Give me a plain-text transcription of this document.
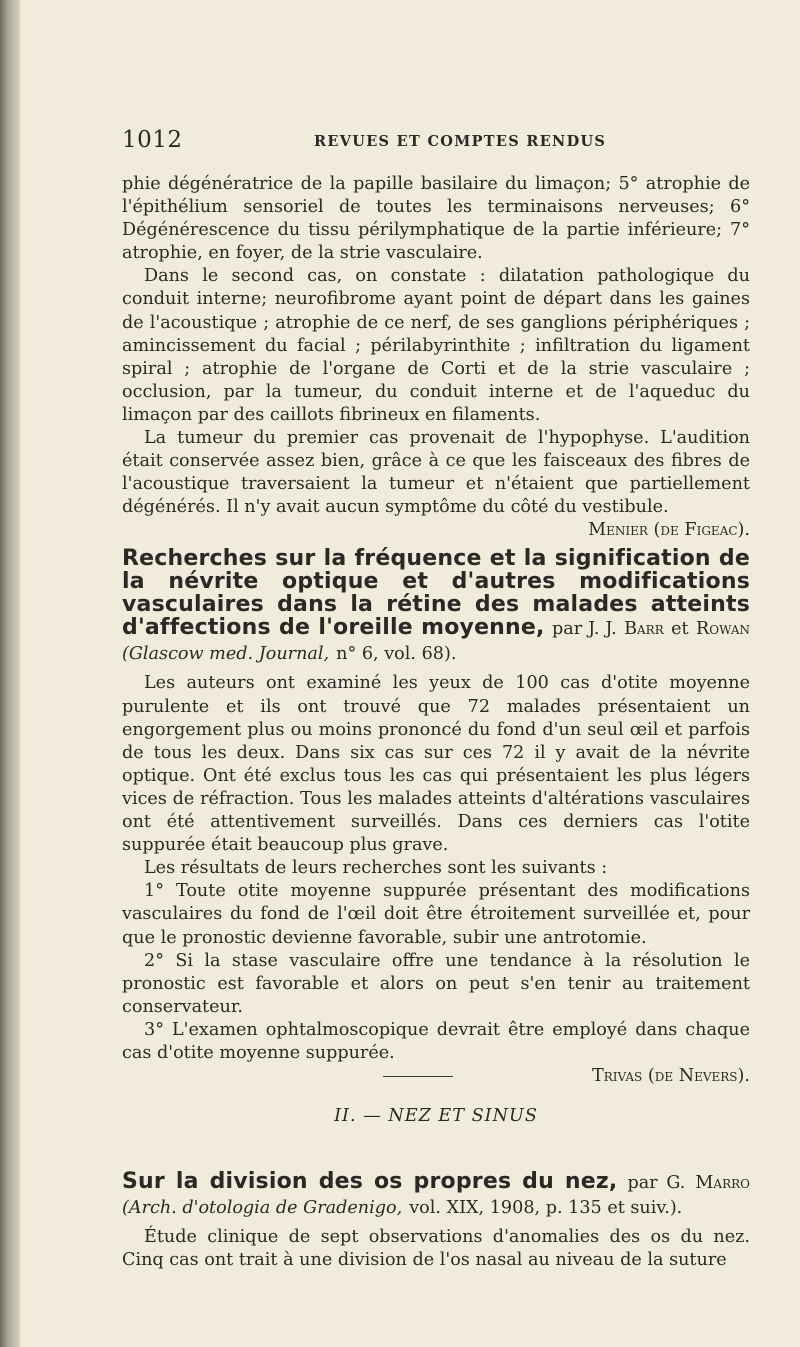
1012	REVUES ET COMPTES RENDUS

phie dégénératrice de la papille basilaire du limaçon; 5° atrophie de l'épithélium sensoriel de toutes les terminaisons nerveuses; 6° Dégénérescence du tissu périlymphatique de la partie inférieure; 7° atrophie, en foyer, de la strie vasculaire.

Dans le second cas, on constate : dilatation pathologique du conduit interne; neurofibrome ayant point de départ dans les gaines de l'acoustique ; atrophie de ce nerf, de ses ganglions périphériques ; amincissement du facial ; périlabyrinthite ; infiltration du ligament spiral ; atrophie de l'organe de Corti et de la strie vasculaire ; occlusion, par la tumeur, du conduit interne et de l'aqueduc du limaçon par des caillots fibrineux en filaments.

La tumeur du premier cas provenait de l'hypophyse. L'audition était conservée assez bien, grâce à ce que les faisceaux des fibres de l'acoustique traversaient la tumeur et n'étaient que partiellement dégénérés. Il n'y avait aucun symptôme du côté du vestibule.

Menier (de Figeac).

Recherches sur la fréquence et la signification de la névrite optique et d'autres modifications vasculaires dans la rétine des malades atteints d'affections de l'oreille moyenne, par J. J. Barr et Rowan (Glascow med. Journal, n° 6, vol. 68).

Les auteurs ont examiné les yeux de 100 cas d'otite moyenne purulente et ils ont trouvé que 72 malades présentaient un engorgement plus ou moins prononcé du fond d'un seul œil et parfois de tous les deux. Dans six cas sur ces 72 il y avait de la névrite optique. Ont été exclus tous les cas qui présentaient les plus légers vices de réfraction. Tous les malades atteints d'altérations vasculaires ont été attentivement surveillés. Dans ces derniers cas l'otite suppurée était beaucoup plus grave.

Les résultats de leurs recherches sont les suivants :

1° Toute otite moyenne suppurée présentant des modifications vasculaires du fond de l'œil doit être étroitement surveillée et, pour que le pronostic devienne favorable, subir une antrotomie.

2° Si la stase vasculaire offre une tendance à la résolution le pronostic est favorable et alors on peut s'en tenir au traitement conservateur.

3° L'examen ophtalmoscopique devrait être employé dans chaque cas d'otite moyenne suppurée.

Trivas (de Nevers).

II. — NEZ ET SINUS

Sur la division des os propres du nez, par G. Marro (Arch. d'otologia de Gradenigo, vol. XIX, 1908, p. 135 et suiv.).

Étude clinique de sept observations d'anomalies des os du nez. Cinq cas ont trait à une division de l'os nasal au niveau de la suture
